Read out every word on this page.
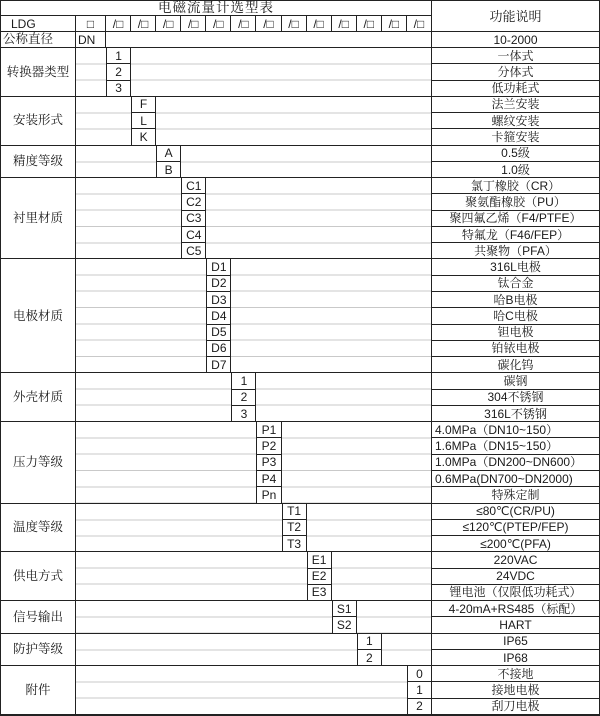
电磁流量计选型表
功能说明
LDG	□
公称直径	DN	10-2000
/□	/□	/□	/□	/□	/□	/□	/□	/□	/□	/□	/□	/□
转换器类型
1	一体式
2	分体式
3	低功耗式
安装形式
F	法兰安装
L	螺纹安装
K	卡箍安装
精度等级
A	0.5级
B	1.0级
衬里材质
C1	氯丁橡胶（CR）
C2	聚氨酯橡胶（PU）
C3	聚四氟乙烯（F4/PTFE）
C4	特氟龙（F46/FEP）
C5	共聚物（PFA）
电极材质
D1	316L电极
D2	钛合金
D3	哈B电极
D4	哈C电极
D5	钽电极
D6	铂铱电极
D7	碳化钨
外壳材质
1	碳钢
2	304不锈钢
3	316L不锈钢
压力等级
P1	4.0MPa（DN10~150）
P2	1.6MPa（DN15~150）
P3	1.0MPa（DN200~DN600）
P4	0.6MPa(DN700~DN2000)
Pn	特殊定制
温度等级
T1	≤80℃(CR/PU)
T2	≤120℃(PTEP/FEP)
T3	≤200℃(PFA)
供电方式
E1	220VAC
E2	24VDC
E3	锂电池（仅限低功耗式）
信号输出
S1	4-20mA+RS485（标配）
S2	HART
防护等级
1	IP65
2	IP68
附件
0	不接地
1	接地电极
2	刮刀电极
